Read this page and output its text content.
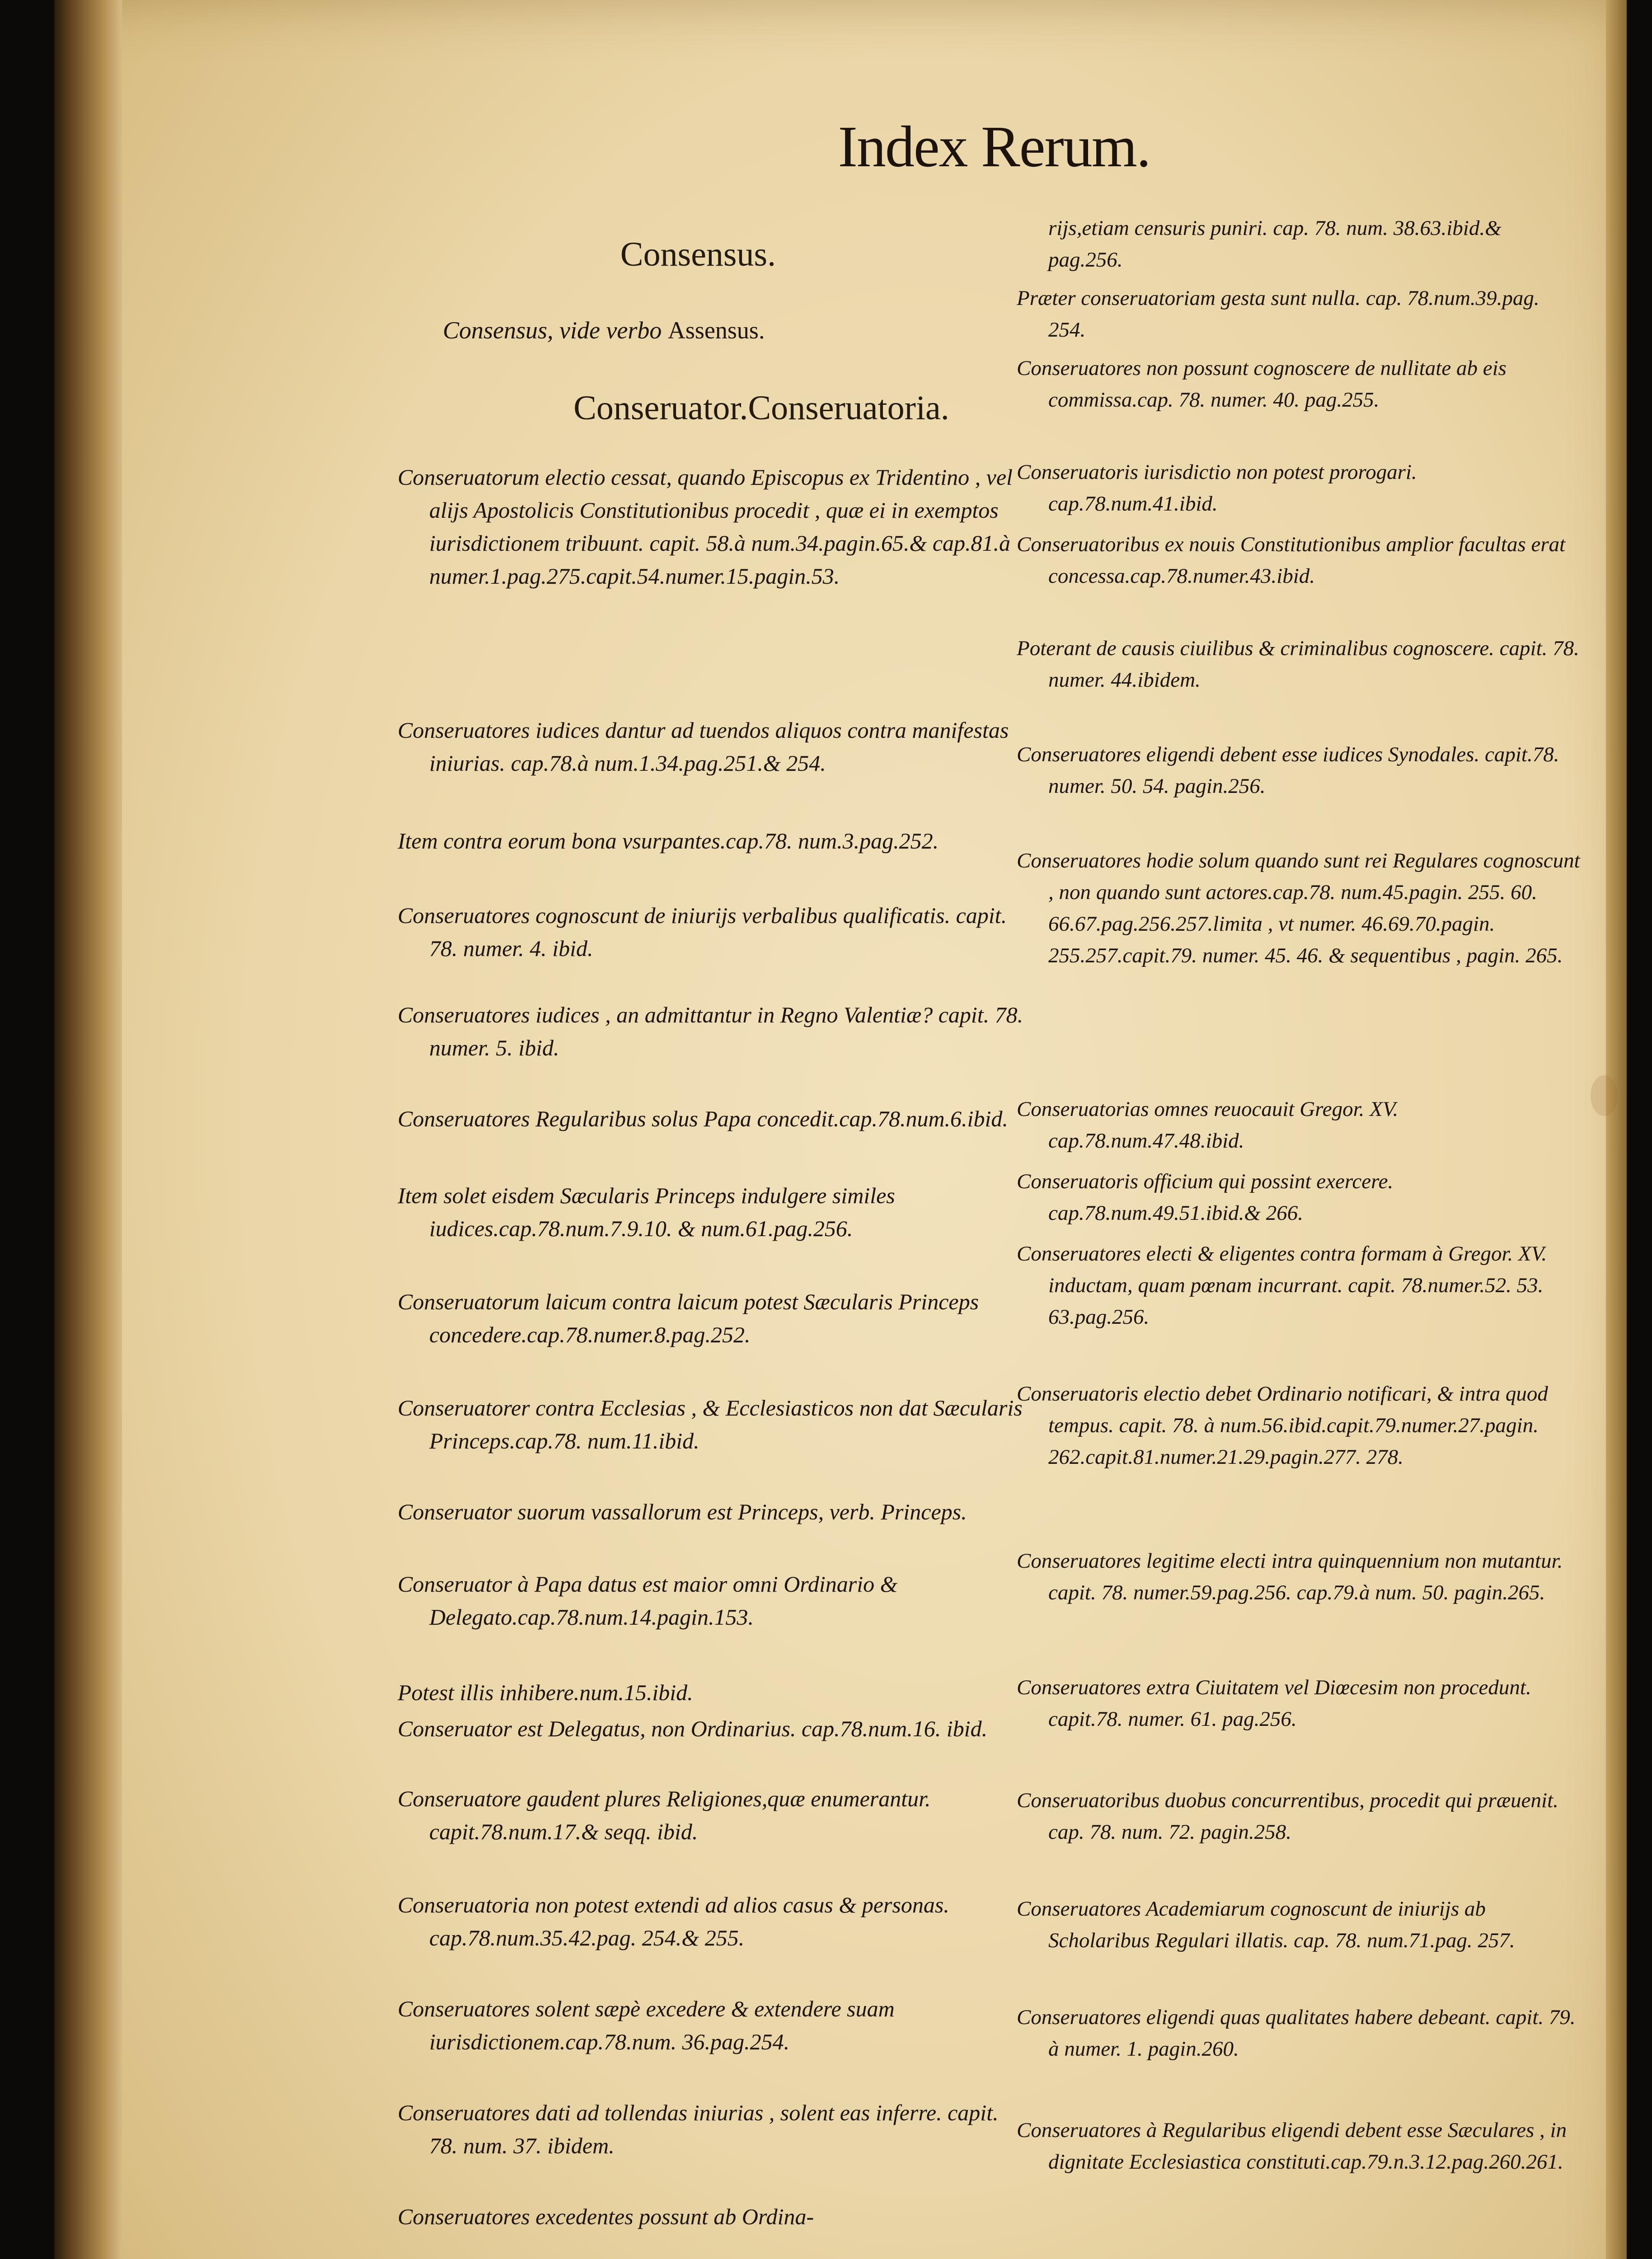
Index Rerum.
Consensus.
Consensus, vide verbo Assensus.
Conseruator.Conseruatoria.
Conseruatorum electio cessat, quando Episcopus ex Tridentino , vel alijs Apostolicis Constitutionibus procedit , quæ ei in exemptos iurisdictionem tribuunt. capit. 58.à num.34.pagin.65.& cap.81.à numer.1.pag.275.capit.54.numer.15.pagin.53.
Conseruatores iudices dantur ad tuendos aliquos contra manifestas iniurias. cap.78.à num.1.34.pag.251.& 254.
Item contra eorum bona vsurpantes.cap.78. num.3.pag.252.
Conseruatores cognoscunt de iniurijs verbalibus qualificatis. capit. 78. numer. 4. ibid.
Conseruatores iudices , an admittantur in Regno Valentiæ? capit. 78. numer. 5. ibid.
Conseruatores Regularibus solus Papa concedit.cap.78.num.6.ibid.
Item solet eisdem Sæcularis Princeps indulgere similes iudices.cap.78.num.7.9.10. & num.61.pag.256.
Conseruatorum laicum contra laicum potest Sæcularis Princeps concedere.cap.78.numer.8.pag.252.
Conseruatorer contra Ecclesias , & Ecclesiasticos non dat Sæcularis Princeps.cap.78. num.11.ibid.
Conseruator suorum vassallorum est Princeps, verb. Princeps.
Conseruator à Papa datus est maior omni Ordinario & Delegato.cap.78.num.14.pagin.153.
Potest illis inhibere.num.15.ibid.
Conseruator est Delegatus, non Ordinarius. cap.78.num.16. ibid.
Conseruatore gaudent plures Religiones,quæ enumerantur. capit.78.num.17.& seqq. ibid.
Conseruatoria non potest extendi ad alios casus & personas. cap.78.num.35.42.pag. 254.& 255.
Conseruatores solent sæpè excedere & extendere suam iurisdictionem.cap.78.num. 36.pag.254.
Conseruatores dati ad tollendas iniurias , solent eas inferre. capit. 78. num. 37. ibidem.
Conseruatores excedentes possunt ab Ordina-
rijs,etiam censuris puniri. cap. 78. num. 38.63.ibid.& pag.256.
Præter conseruatoriam gesta sunt nulla. cap. 78.num.39.pag. 254.
Conseruatores non possunt cognoscere de nullitate ab eis commissa.cap. 78. numer. 40. pag.255.
Conseruatoris iurisdictio non potest prorogari. cap.78.num.41.ibid.
Conseruatoribus ex nouis Constitutionibus amplior facultas erat concessa.cap.78.numer.43.ibid.
Poterant de causis ciuilibus & criminalibus cognoscere. capit. 78. numer. 44.ibidem.
Conseruatores eligendi debent esse iudices Synodales. capit.78. numer. 50. 54. pagin.256.
Conseruatores hodie solum quando sunt rei Regulares cognoscunt , non quando sunt actores.cap.78. num.45.pagin. 255. 60. 66.67.pag.256.257.limita , vt numer. 46.69.70.pagin. 255.257.capit.79. numer. 45. 46. & sequentibus , pagin. 265.
Conseruatorias omnes reuocauit Gregor. XV. cap.78.num.47.48.ibid.
Conseruatoris officium qui possint exercere. cap.78.num.49.51.ibid.& 266.
Conseruatores electi & eligentes contra formam à Gregor. XV. inductam, quam pœnam incurrant. capit. 78.numer.52. 53. 63.pag.256.
Conseruatoris electio debet Ordinario notificari, & intra quod tempus. capit. 78. à num.56.ibid.capit.79.numer.27.pagin. 262.capit.81.numer.21.29.pagin.277. 278.
Conseruatores legitime electi intra quinquennium non mutantur. capit. 78. numer.59.pag.256. cap.79.à num. 50. pagin.265.
Conseruatores extra Ciuitatem vel Diœcesim non procedunt. capit.78. numer. 61. pag.256.
Conseruatoribus duobus concurrentibus, procedit qui præuenit. cap. 78. num. 72. pagin.258.
Conseruatores Academiarum cognoscunt de iniurijs ab Scholaribus Regulari illatis. cap. 78. num.71.pag. 257.
Conseruatores eligendi quas qualitates habere debeant. capit. 79. à numer. 1. pagin.260.
Conseruatores à Regularibus eligendi debent esse Sæculares , in dignitate Ecclesiastica constituti.cap.79.n.3.12.pag.260.261.
